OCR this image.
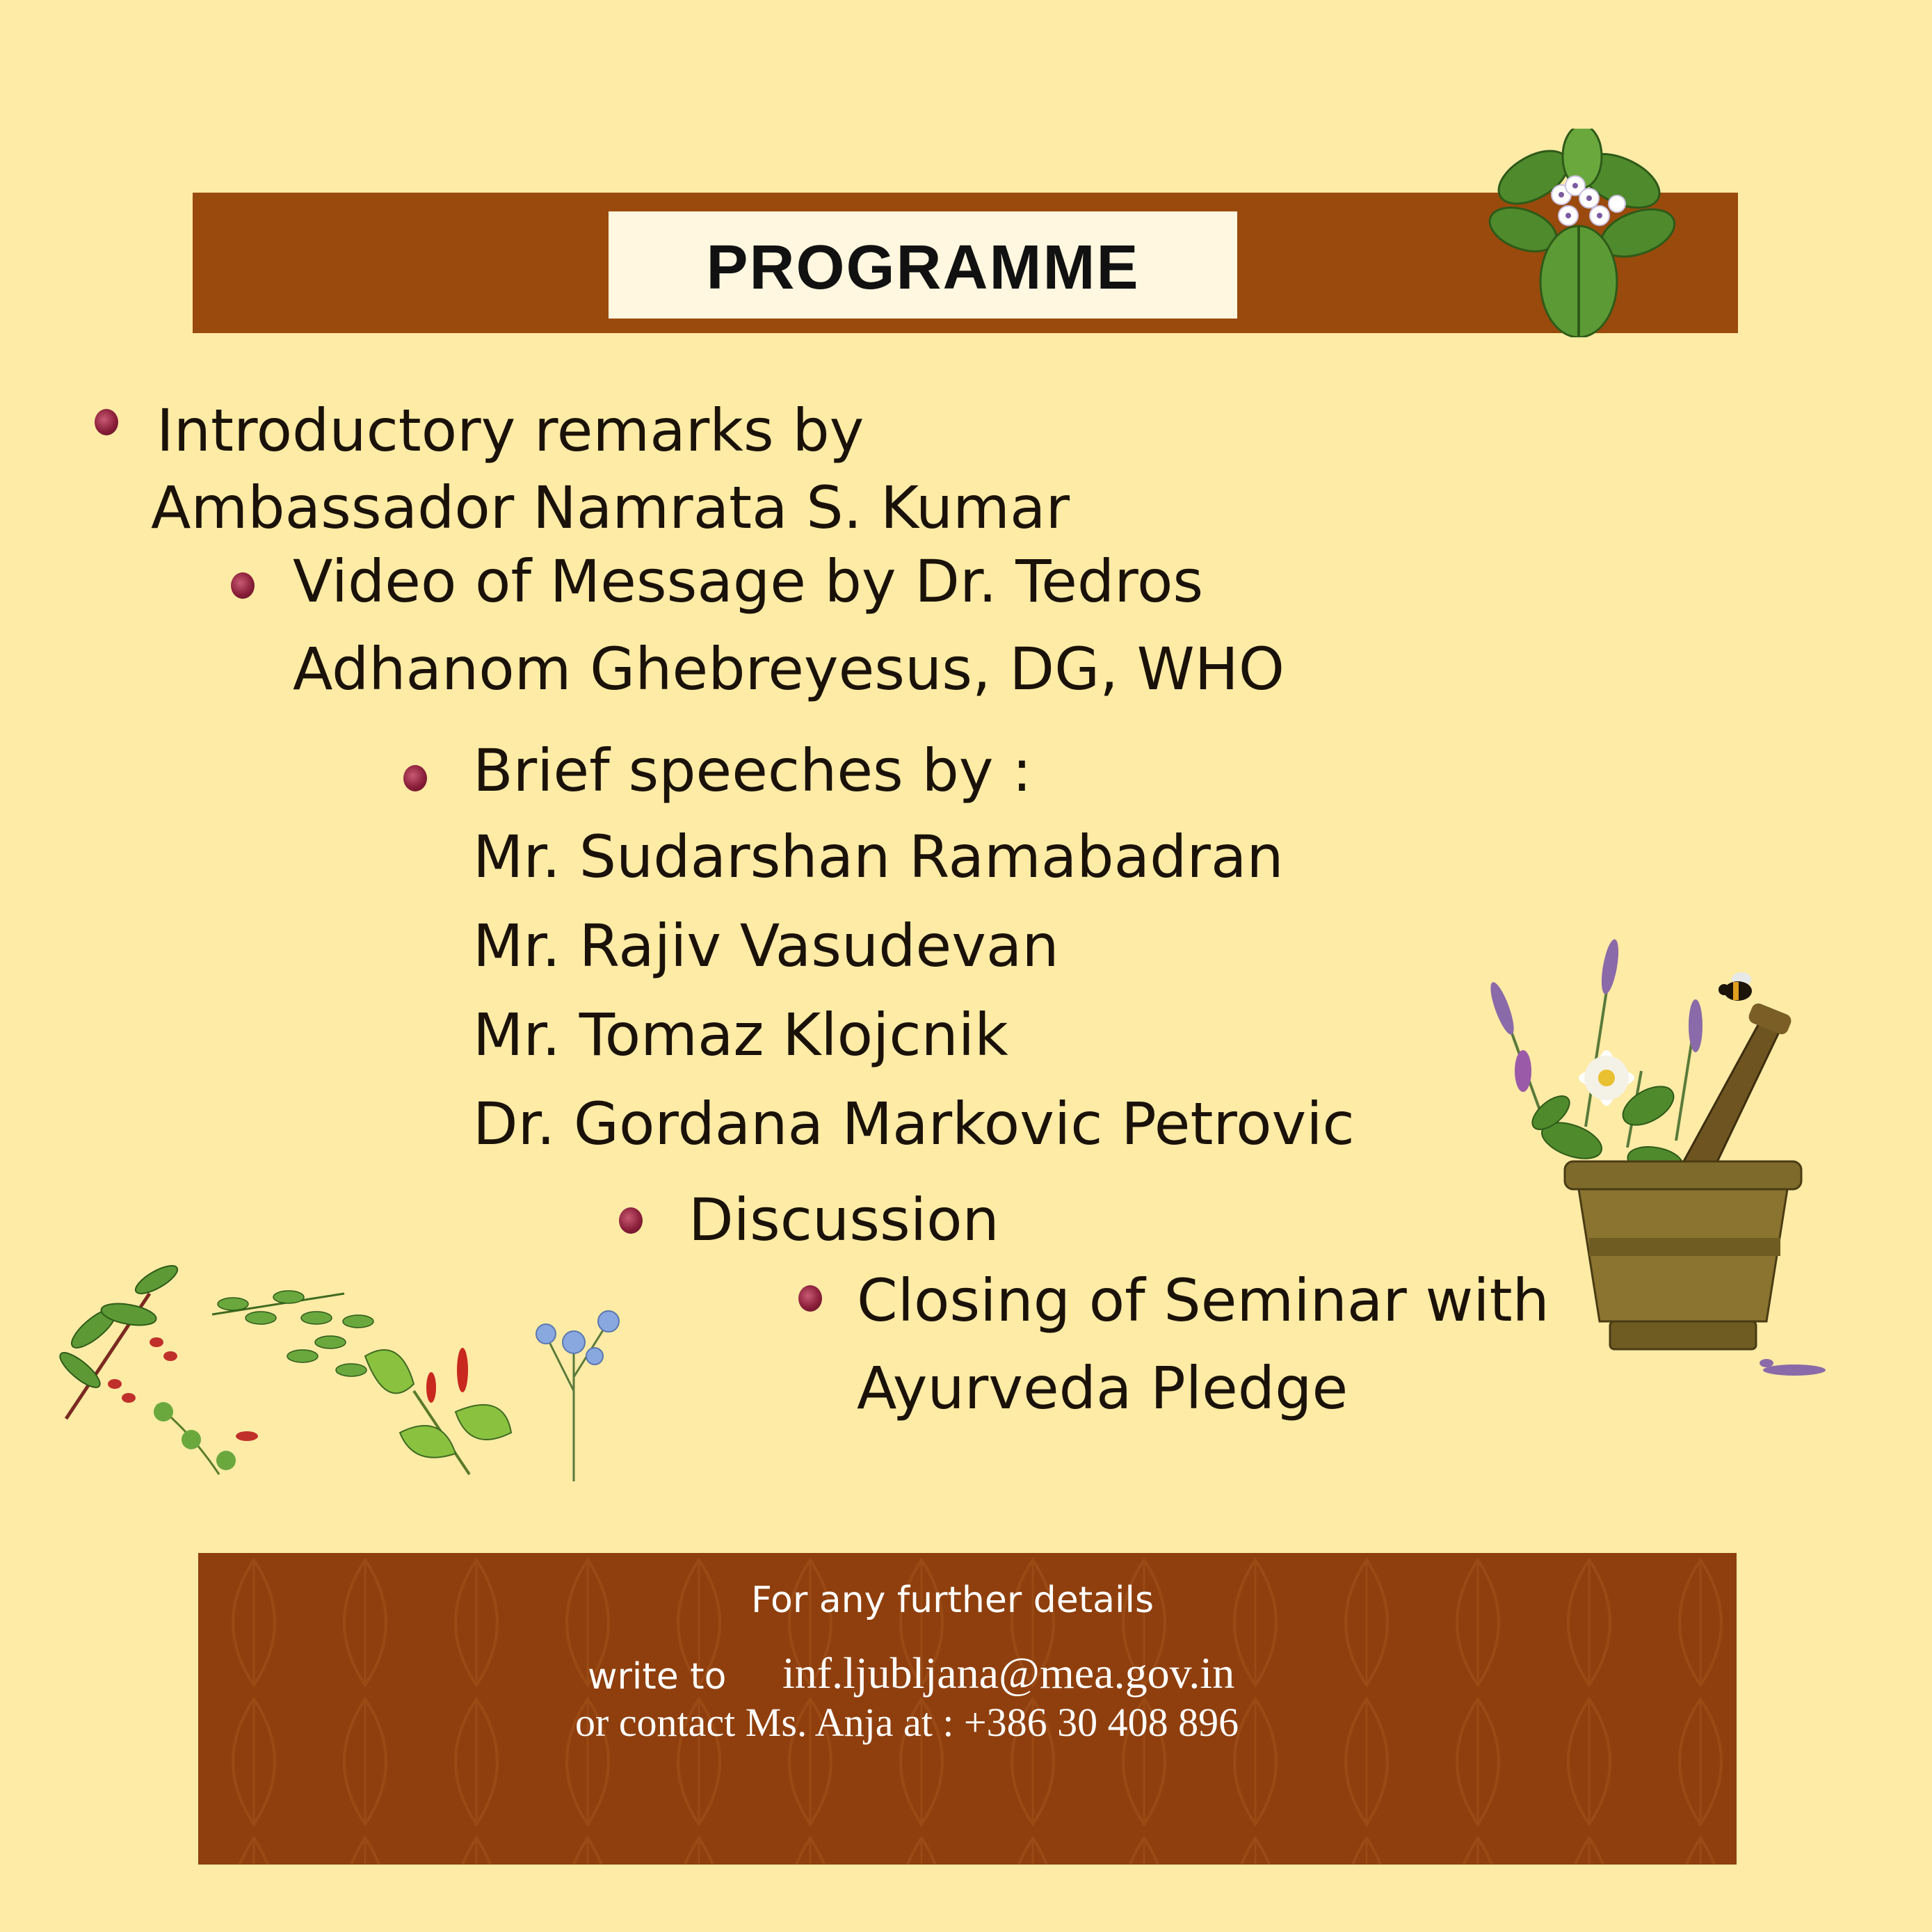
PROGRAMME
Introductory remarks by
Ambassador Namrata S. Kumar
Video of Message by Dr. Tedros
Adhanom Ghebreyesus, DG, WHO
Brief speeches by :
Mr. Sudarshan Ramabadran
Mr. Rajiv Vasudevan
Mr. Tomaz Klojcnik
Dr. Gordana Markovic Petrovic
Discussion
Closing of Seminar with
Ayurveda Pledge
For any further details
write to inf.ljubljana@mea.gov.in
or contact Ms. Anja at : +386 30 408 896
